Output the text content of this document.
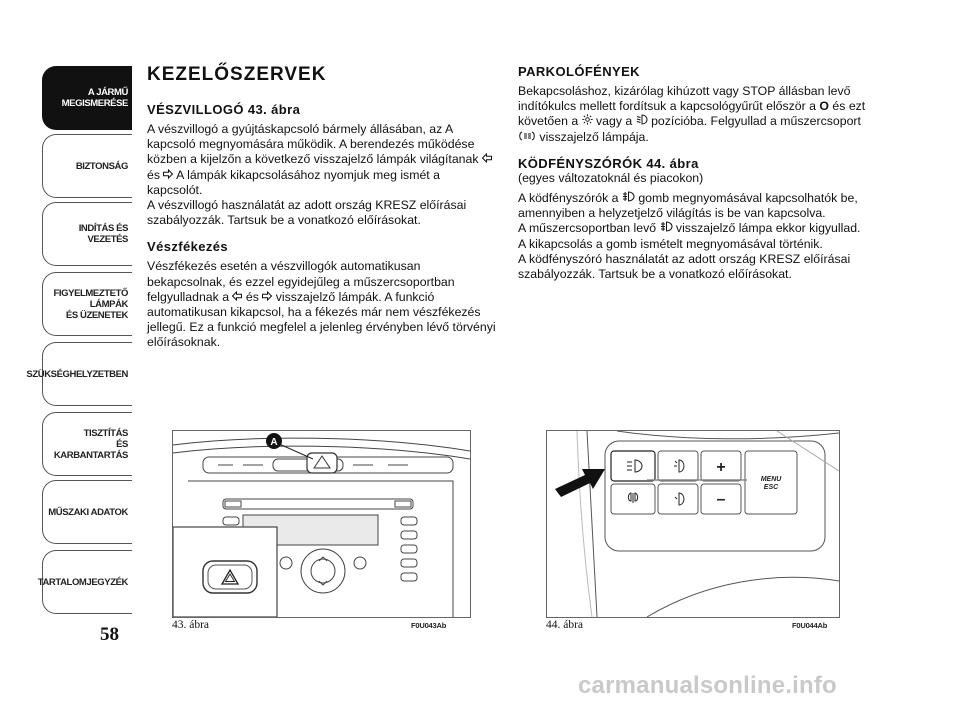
A JÁRMŰ
MEGISMERÉSE
BIZTONSÁG
INDÍTÁS ÉS VEZETÉS
FIGYELMEZTETŐ
LÁMPÁK
ÉS ÜZENETEK
SZÜKSÉGHELYZETBEN
TISZTÍTÁS
ÉS KARBANTARTÁS
MŰSZAKI ADATOK
TARTALOMJEGYZÉK
58
KEZELŐSZERVEK
VÉSZVILLOGÓ 43. ábra

A vészvillogó a gyújtáskapcsoló bármely állásában, az A kapcsoló megnyomására működik. A berendezés működése közben a kijelzőn a következő visszajelző lámpák világítanak  és  A lámpák kikapcsolásához nyomjuk meg ismét a kapcsolót.
A vészvillogó használatát az adott ország KRESZ előírásai szabályozzák. Tartsuk be a vonatkozó előírásokat.

Vészfékezés

Vészfékezés esetén a vészvillogók automatikusan bekapcsolnak, és ezzel egyidejűleg a műszercsoportban felgyulladnak a  és  visszajelző lámpák. A funkció automatikusan kikapcsol, ha a fékezés már nem vészfékezés jellegű. Ez a funkció megfelel a jelenleg érvényben lévő törvényi előírásoknak.

PARKOLÓFÉNYEK

Bekapcsoláshoz, kizárólag kihúzott vagy STOP állásban levő indítókulcs mellett fordítsuk a kapcsológyűrűt először a O és ezt követően a  vagy a  pozícióba. Felgyullad a műszercsoport  visszajelző lámpája.

KÖDFÉNYSZÓRÓK 44. ábra

(egyes változatoknál és piacokon)

A ködfényszórók a  gomb megnyomásával kapcsolhatók be, amennyiben a helyzetjelző világítás is be van kapcsolva.
A műszercsoportban levő  visszajelző lámpa ekkor kigyullad.
A kikapcsolás a gomb ismételt megnyomásával történik.
A ködfényszóró használatát az adott ország KRESZ előírásai szabályozzák. Tartsuk be a vonatkozó előírásokat.

A
43. ábra	F0U043Ab
+
–
MENU
ESC
44. ábra	F0U044Ab
carmanualsonline.info
